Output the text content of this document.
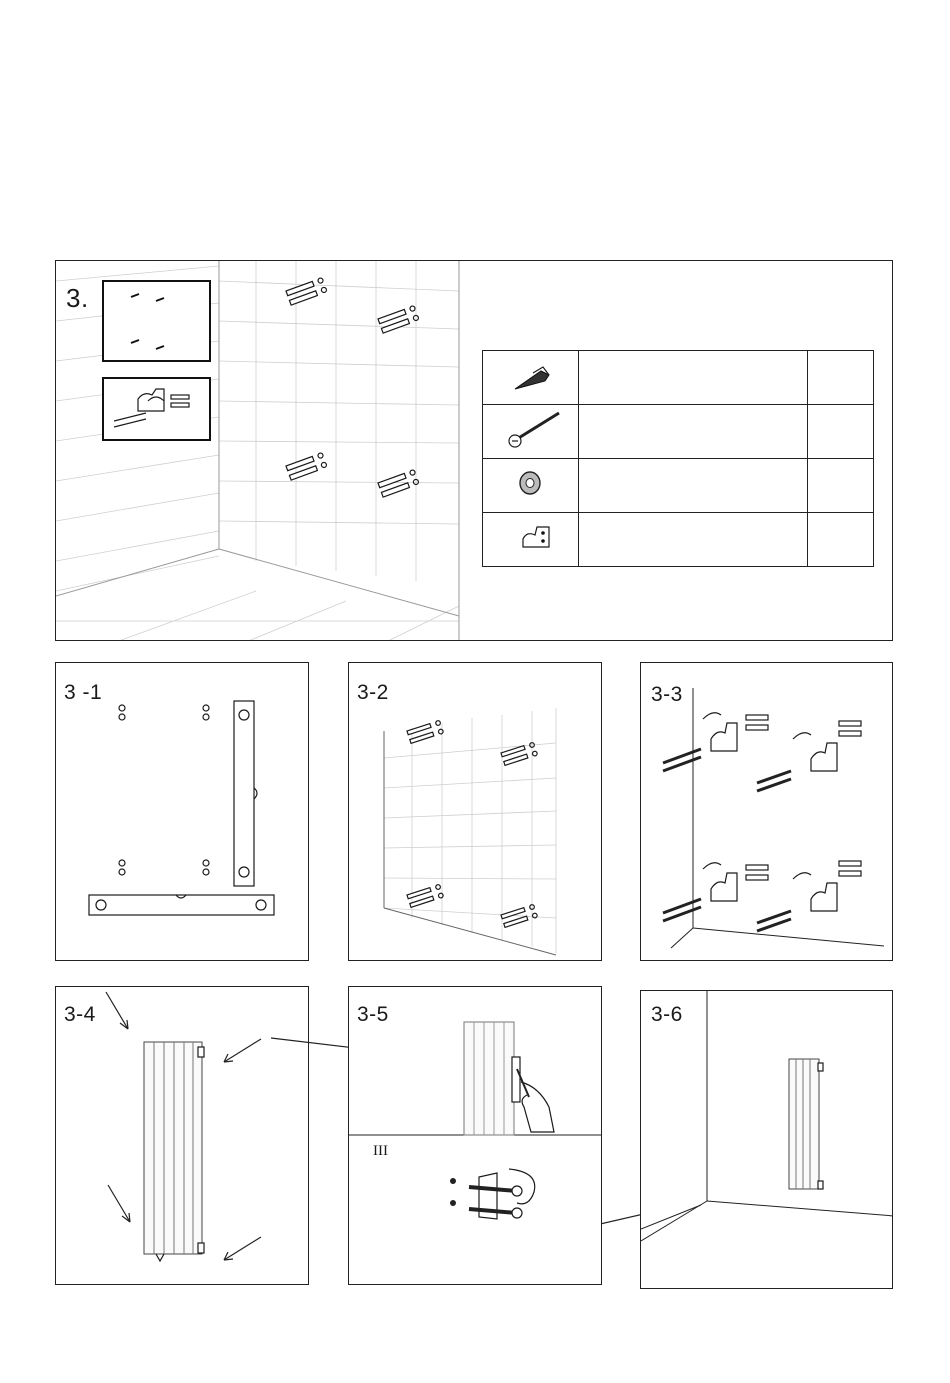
3.

3 -1	3-2	3-3
3-4	3-5
III
3-6
